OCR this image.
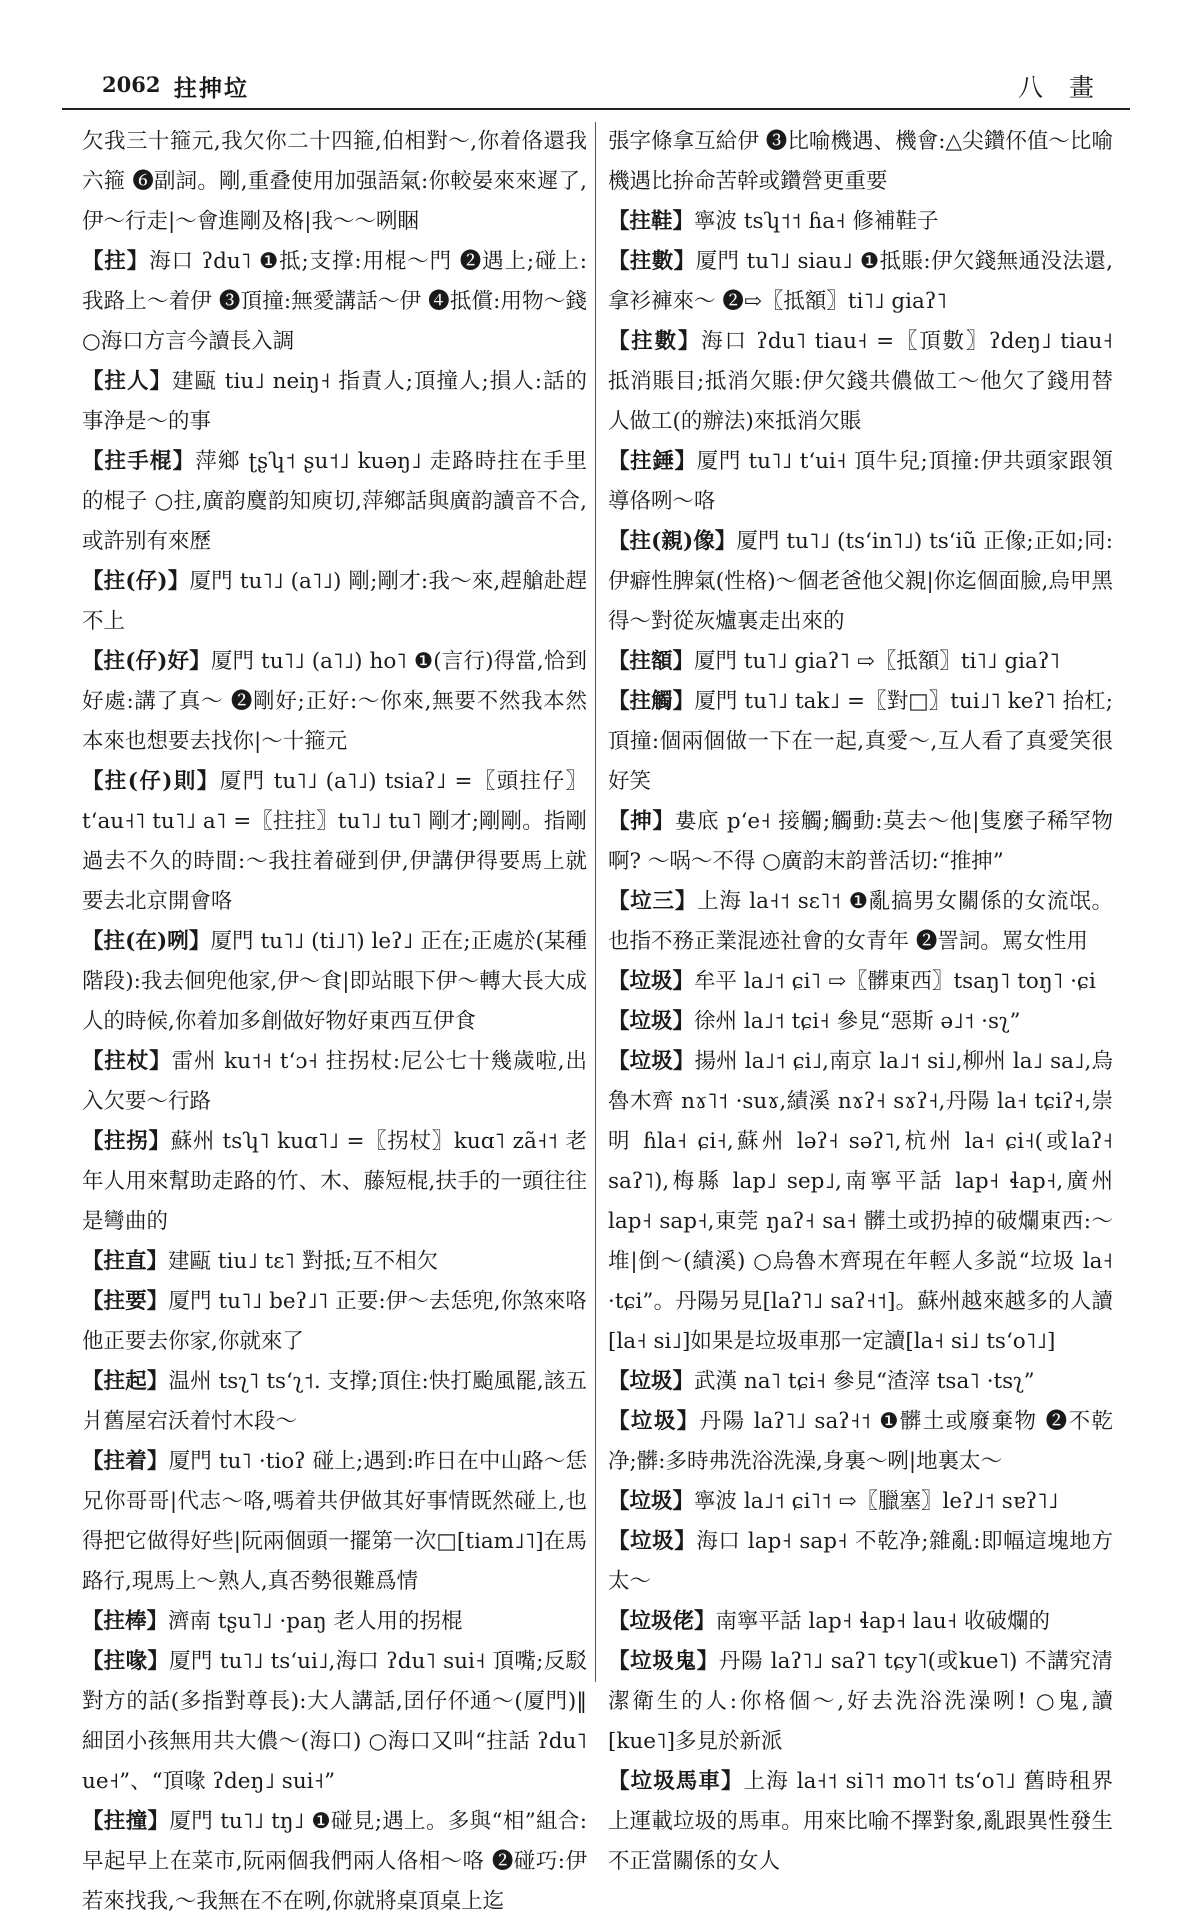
2062 拄抻垃	八畫

欠我三十箍元,我欠你二十四箍,伯相對～,你着佫還我六箍 ❻副詞。剛,重叠使用加强語氣:你較晏來來遲了,伊～行走|～會進剛及格|我～～咧睏

【拄】海口 ʔdu˥ ❶抵;支撑:用棍～門 ❷遇上;碰上:我路上～着伊 ❸頂撞:無愛講話～伊 ❹抵償:用物～錢 ○海口方言今讀長入調

【拄人】建甌 tiu˩ neiŋ˧ 指責人;頂撞人;損人:話的事浄是～的事

【拄手棍】萍鄉 ʈʂʮ˦ ʂu˦˩ kuəŋ˩ 走路時拄在手里的棍子 ○拄,廣韵麌韵知庾切,萍鄉話與廣韵讀音不合,或許别有來歷

【拄(仔)】厦門 tu˥˩ (a˥˩) 剛;剛才:我～來,趕艙赴趕不上

【拄(仔)好】厦門 tu˥˩ (a˥˩) ho˥ ❶(言行)得當,恰到好處:講了真～ ❷剛好;正好:～你來,無要不然我本然本來也想要去找你|～十箍元

【拄(仔)則】厦門 tu˥˩ (a˥˩) tsiaʔ˩ =〖頭拄仔〗tʻau˧˥ tu˥˩ a˥ =〖拄拄〗tu˥˩ tu˥ 剛才;剛剛。指剛過去不久的時間:～我拄着碰到伊,伊講伊得要馬上就要去北京開會咯

【拄(在)咧】厦門 tu˥˩ (ti˩˥) leʔ˩ 正在;正處於(某種階段):我去佪兜他家,伊～食|即站眼下伊～轉大長大成人的時候,你着加多創做好物好東西互伊食

【拄杖】雷州 ku˦˧ tʻɔ˧ 拄拐杖:尼公七十幾歲啦,出入欠要～行路

【拄拐】蘇州 tsʮ˥ kuɑ˥˩ =〖拐杖〗kuɑ˥ zã˧˦ 老年人用來幫助走路的竹、木、藤短棍,扶手的一頭往往是彎曲的

【拄直】建甌 tiu˩ tɛ˥ 對抵;互不相欠

【拄要】厦門 tu˥˩ beʔ˩˥ 正要:伊～去恁兜,你煞來咯他正要去你家,你就來了

【拄起】温州 tsʅ˥ tsʻʅ˦. 支撑;頂住:快打颱風罷,該五爿舊屋宕沃着忖木段～

【拄着】厦門 tu˥ ·tioʔ 碰上;遇到:昨日在中山路～恁兄你哥哥|代志～咯,嗎着共伊做其好事情既然碰上,也得把它做得好些|阮兩個頭一擺第一次□[tiam˩˥]在馬路行,現馬上～熟人,真否勢很難爲情

【拄棒】濟南 tʂu˥˩ ·paŋ 老人用的拐棍

【拄喙】厦門 tu˥˩ tsʻui˩,海口 ʔdu˥ sui˧ 頂嘴;反駁對方的話(多指對尊長):大人講話,囝仔伓通～(厦門)‖細囝小孩無用共大儂～(海口) ○海口又叫“拄話 ʔdu˥ ue˧”、“頂喙 ʔdeŋ˩ sui˧”

【拄撞】厦門 tu˥˩ tŋ˩ ❶碰見;遇上。多與“相”組合:早起早上在菜市,阮兩個我們兩人佫相～咯 ❷碰巧:伊若來找我,～我無在不在咧,你就將桌頂桌上迄

張字條拿互給伊 ❸比喻機遇、機會:△尖鑽伓值～比喻機遇比拚命苦幹或鑽營更重要

【拄鞋】寧波 tsʮ˦˦ ɦa˧ 修補鞋子

【拄數】厦門 tu˥˩ siau˩ ❶抵賬:伊欠錢無通没法還,拿衫褲來～ ❷⇨〖抵額〗ti˥˩ giaʔ˥

【拄數】海口 ʔdu˥ tiau˧ =〖頂數〗ʔdeŋ˩ tiau˧ 抵消賬目;抵消欠賬:伊欠錢共儂做工～他欠了錢用替人做工(的辦法)來抵消欠賬

【拄錘】厦門 tu˥˩ tʻui˧ 頂牛兒;頂撞:伊共頭家跟領導佫咧～咯

【拄(親)像】厦門 tu˥˩ (tsʻin˥˩) tsʻiũ 正像;正如;同:伊癖性脾氣(性格)～個老爸他父親|你迄個面臉,烏甲黑得～對從灰爐裏走出來的

【拄額】厦門 tu˥˩ giaʔ˥ ⇨〖抵額〗ti˥˩ giaʔ˥

【拄觸】厦門 tu˥˩ tak˩ =〖對□〗tui˩˥ keʔ˥ 抬杠;頂撞:個兩個做一下在一起,真愛～,互人看了真愛笑很好笑

【抻】婁底 pʻe˧ 接觸;觸動:莫去～他|隻麼子稀罕物啊? ～㖞～不得 ○廣韵末韵普活切:“推抻”

【垃三】上海 la˧˦ sɛ˥˦ ❶亂搞男女關係的女流氓。也指不務正業混迹社會的女青年 ❷詈詞。罵女性用

【垃圾】牟平 la˩˦ ɕi˥ ⇨〖髒東西〗tsaŋ˥ toŋ˥ ·ɕi

【垃圾】徐州 la˩˦ tɕi˧ 參見“惡斯 ə˩˦ ·sʅ”

【垃圾】揚州 la˩˦ ɕi˩,南京 la˩˦ si˩,柳州 la˩ sa˩,烏魯木齊 nɤ˥˦ ·suɤ,績溪 nɤʔ˧ sɤʔ˧,丹陽 la˧ tɕiʔ˧,崇明 ɦla˧ ɕi˧,蘇州 ləʔ˧ səʔ˥,杭州 la˧ ɕi˧(或laʔ˧ saʔ˥),梅縣 lap˩ sep˩,南寧平話 lap˧ ɬap˧,廣州 lap˧ sap˧,東莞 ŋaʔ˧ sa˧ 髒土或扔掉的破爛東西:～堆|倒～(績溪) ○烏魯木齊現在年輕人多説“垃圾 la˧ ·tɕi”。丹陽另見[laʔ˥˩ saʔ˧˦]。蘇州越來越多的人讀[la˧ si˩]如果是垃圾車那一定讀[la˧ si˩ tsʻo˥˩]

【垃圾】武漢 na˥ tɕi˧ 參見“渣滓 tsa˥ ·tsʅ”

【垃圾】丹陽 laʔ˥˩ saʔ˧˦ ❶髒土或廢棄物 ❷不乾净;髒:多時弗洗浴洗澡,身裏～咧|地裏太～

【垃圾】寧波 la˩˦ ɕi˥˦ ⇨〖臘塞〗leʔ˩˦ sɐʔ˥˩

【垃圾】海口 lap˧ sap˧ 不乾净;雜亂:即幅這塊地方太～

【垃圾佬】南寧平話 lap˧ ɬap˧ lau˧ 收破爛的

【垃圾鬼】丹陽 laʔ˥˩ saʔ˥ tɕy˥(或kue˥) 不講究清潔衛生的人:你格個～,好去洗浴洗澡咧! ○鬼,讀[kue˥]多見於新派

【垃圾馬車】上海 la˧˦ si˥˦ mo˥˦ tsʻo˥˩ 舊時租界上運載垃圾的馬車。用來比喻不擇對象,亂跟異性發生不正當關係的女人
